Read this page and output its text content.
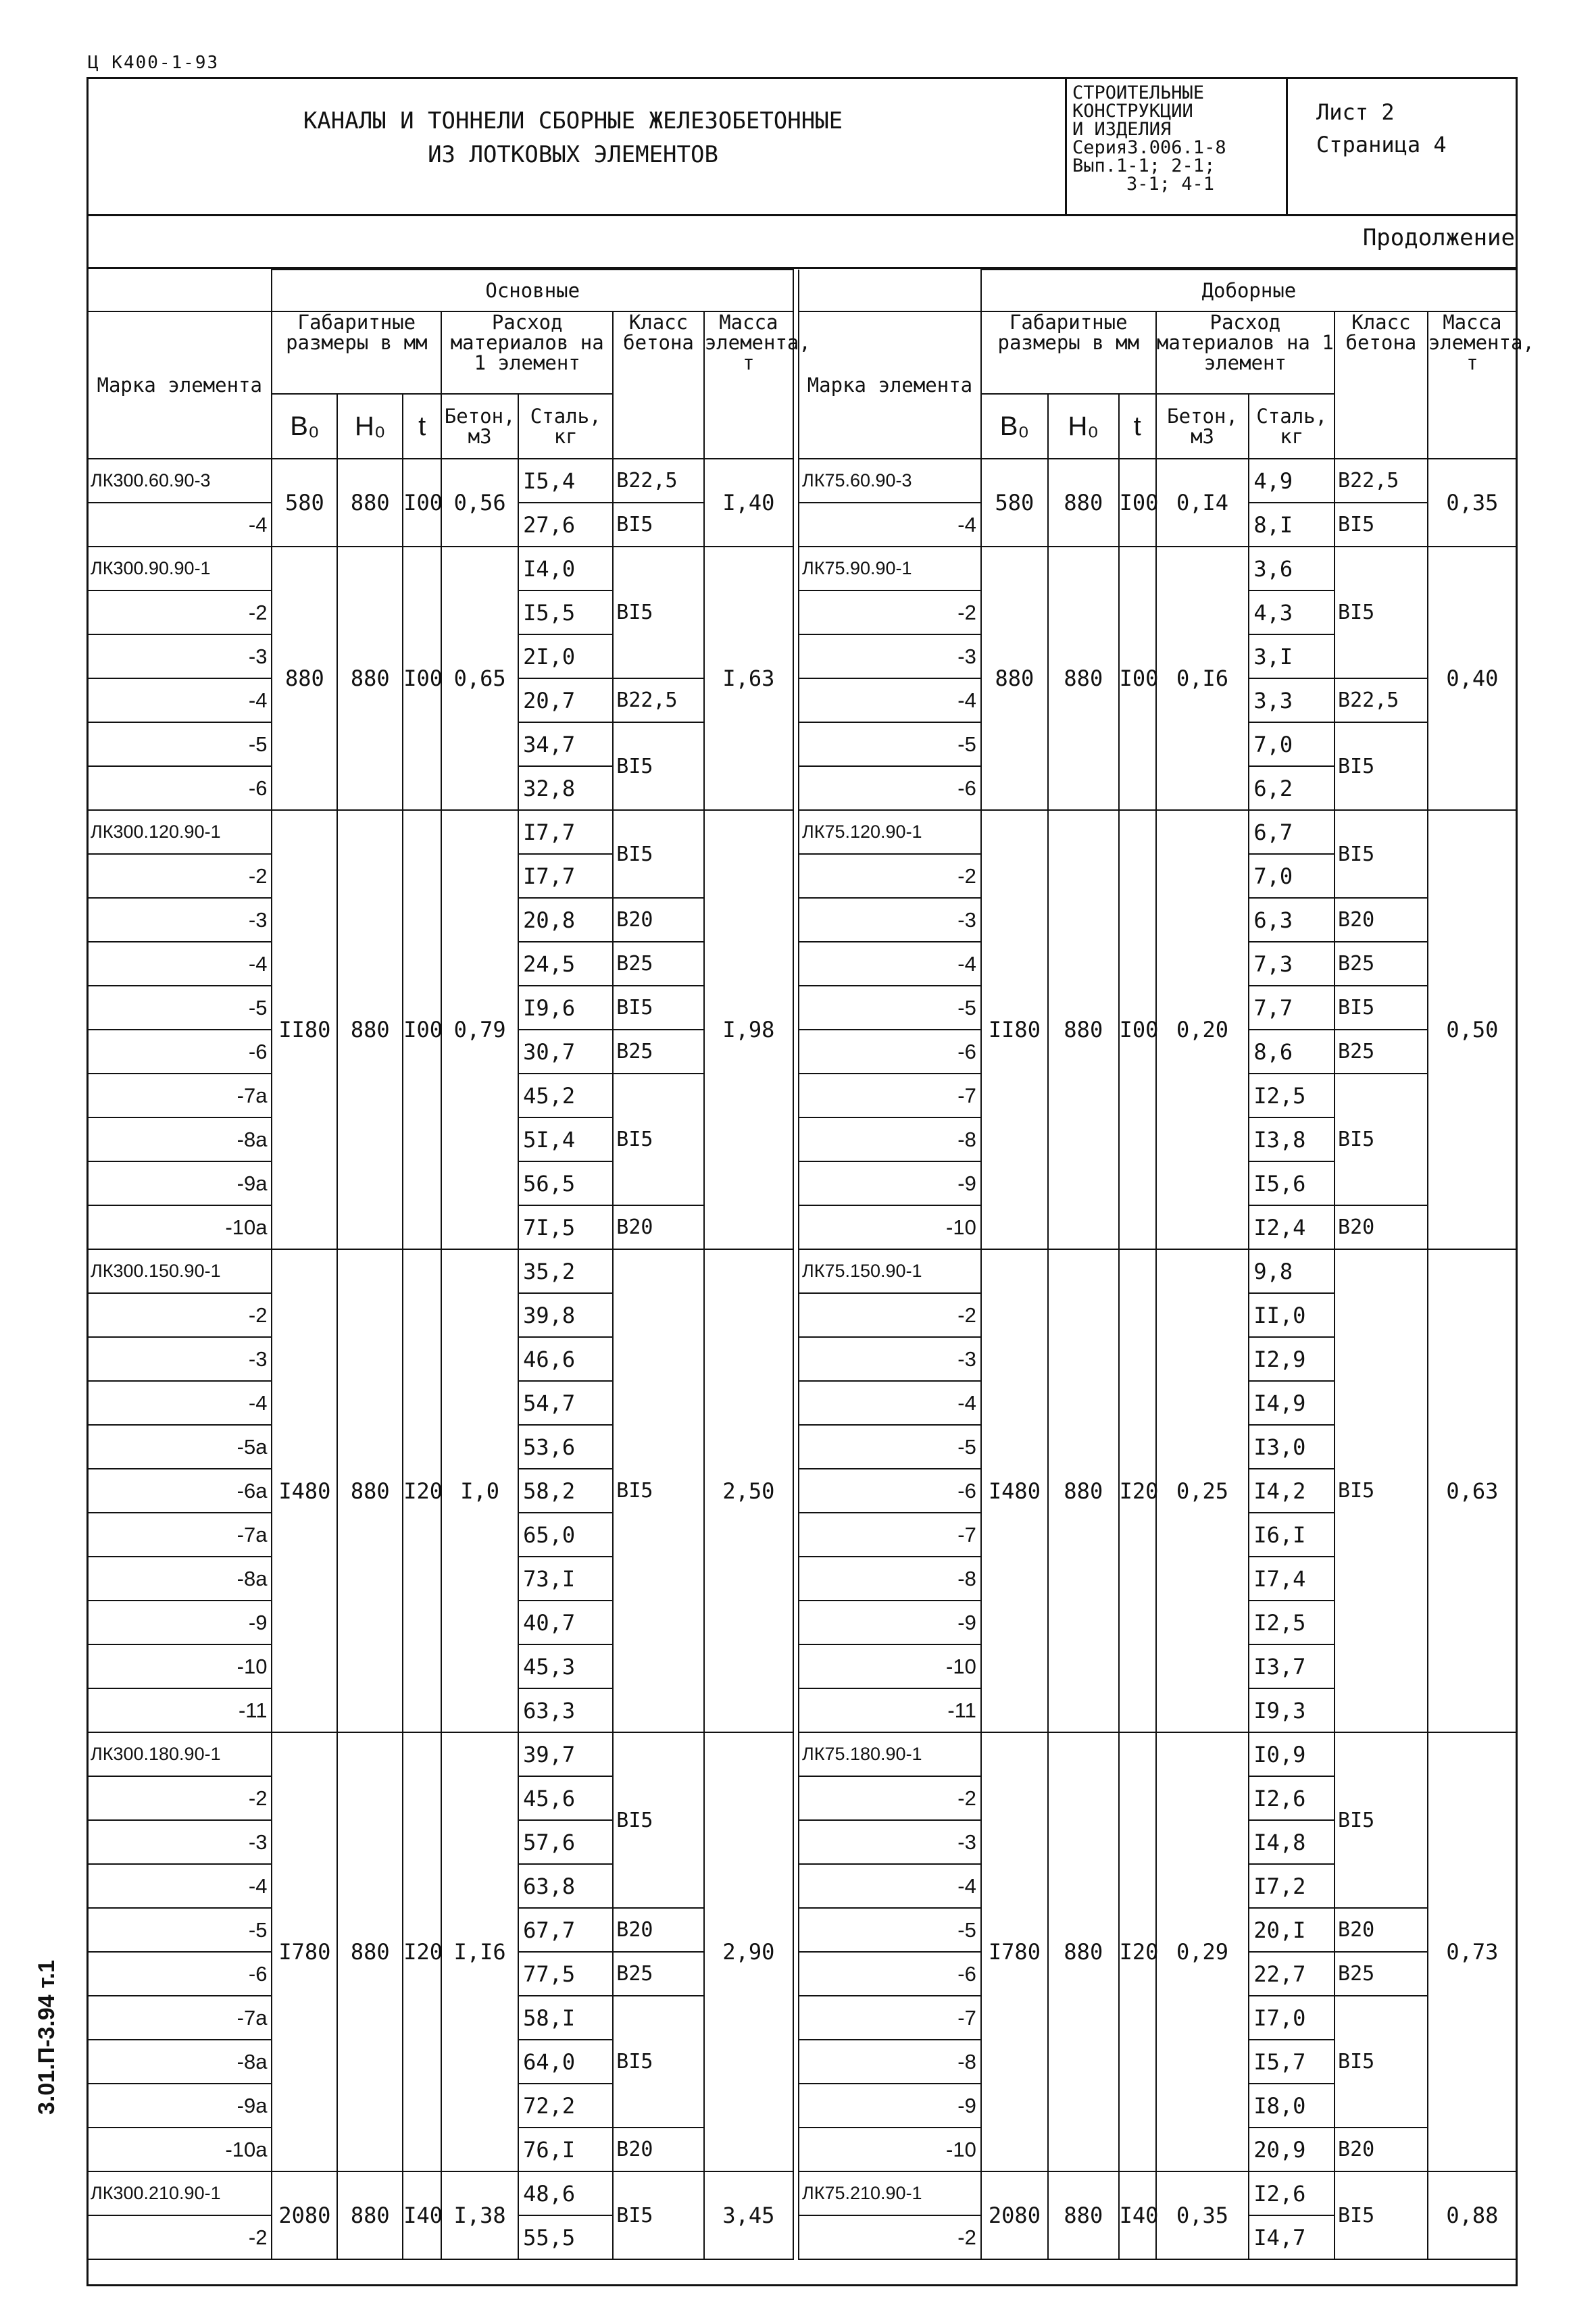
Ц К400-1-93
3.01.П-3.94 т.1
КАНАЛЫ И ТОННЕЛИ СБОРНЫЕ ЖЕЛЕЗОБЕТОННЫЕ
ИЗ ЛОТКОВЫХ ЭЛЕМЕНТОВ
СТРОИТЕЛЬНЫЕ
КОНСТРУКЦИИ
И ИЗДЕЛИЯ
Серия3.006.1-8
Вып.1-1; 2-1;
3-1; 4-1
Лист 2
Страница 4
Продолжение
	Основные						
Марка элемента	Габаритные размеры в мм			Расход материалов на 1 элемент		Класс бетона	Масса элемента, т
	B₀	H₀	t	Бетон, м3	Сталь, кг		
ЛК300.60.90-3	580	880	I00	0,56	I5,4	B22,5	I,40
-4					27,6	BI5	
ЛК300.90.90-1	880	880	I00	0,65	I4,0	BI5	I,63
-2					I5,5		
-3					2I,0		
-4					20,7	B22,5	
-5					34,7	BI5	
-6					32,8		
ЛК300.120.90-1	II80	880	I00	0,79	I7,7	BI5	I,98
-2					I7,7		
-3					20,8	B20	
-4					24,5	B25	
-5					I9,6	BI5	
-6					30,7	B25	
-7a					45,2	BI5	
-8a					5I,4		
-9a					56,5		
-10a					7I,5	B20	
ЛК300.150.90-1	I480	880	I20	I,0	35,2	BI5	2,50
-2					39,8		
-3					46,6		
-4					54,7		
-5a					53,6		
-6a					58,2		
-7a					65,0		
-8a					73,I		
-9					40,7		
-10					45,3		
-11					63,3		
ЛК300.180.90-1	I780	880	I20	I,I6	39,7	BI5	2,90
-2					45,6		
-3					57,6		
-4					63,8		
-5					67,7	B20	
-6					77,5	B25	
-7a					58,I	BI5	
-8a					64,0		
-9a					72,2		
-10a					76,I	B20	
ЛК300.210.90-1	2080	880	I40	I,38	48,6	BI5	3,45
-2					55,5		
	Доборные						
Марка элемента	Габаритные размеры в мм			Расход материалов на 1 элемент		Класс бетона	Масса элемента, т
	B₀	H₀	t	Бетон, м3	Сталь, кг		
ЛК75.60.90-3	580	880	I00	0,I4	4,9	B22,5	0,35
-4					8,I	BI5	
ЛК75.90.90-1	880	880	I00	0,I6	3,6	BI5	0,40
-2					4,3		
-3					3,I		
-4					3,3	B22,5	
-5					7,0	BI5	
-6					6,2		
ЛК75.120.90-1	II80	880	I00	0,20	6,7	BI5	0,50
-2					7,0		
-3					6,3	B20	
-4					7,3	B25	
-5					7,7	BI5	
-6					8,6	B25	
-7					I2,5	BI5	
-8					I3,8		
-9					I5,6		
-10					I2,4	B20	
ЛК75.150.90-1	I480	880	I20	0,25	9,8	BI5	0,63
-2					II,0		
-3					I2,9		
-4					I4,9		
-5					I3,0		
-6					I4,2		
-7					I6,I		
-8					I7,4		
-9					I2,5		
-10					I3,7		
-11					I9,3		
ЛК75.180.90-1	I780	880	I20	0,29	I0,9	BI5	0,73
-2					I2,6		
-3					I4,8		
-4					I7,2		
-5					20,I	B20	
-6					22,7	B25	
-7					I7,0	BI5	
-8					I5,7		
-9					I8,0		
-10					20,9	B20	
ЛК75.210.90-1	2080	880	I40	0,35	I2,6	BI5	0,88
-2					I4,7		
